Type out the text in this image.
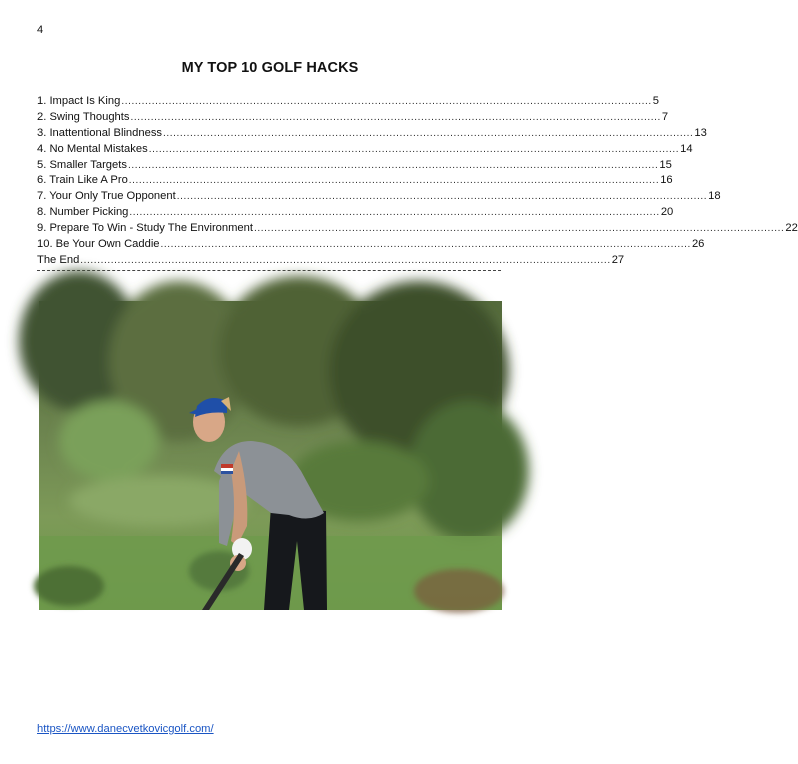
4
MY TOP 10 GOLF HACKS
1. Impact Is King ............................................................................................................................................................. 5
2. Swing Thoughts ............................................................................................................................................................. 7
3. Inattentional Blindness ............................................................................................................................................................. 13
4. No Mental Mistakes ............................................................................................................................................................. 14
5. Smaller Targets ............................................................................................................................................................. 15
6. Train Like A Pro ............................................................................................................................................................. 16
7. Your Only True Opponent ............................................................................................................................................................. 18
8. Number Picking ............................................................................................................................................................. 20
9. Prepare To Win - Study The Environment ............................................................................................................................................................. 22
10. Be Your Own Caddie ............................................................................................................................................................. 26
The End ............................................................................................................................................................. 27
https://www.danecvetkovicgolf.com/
